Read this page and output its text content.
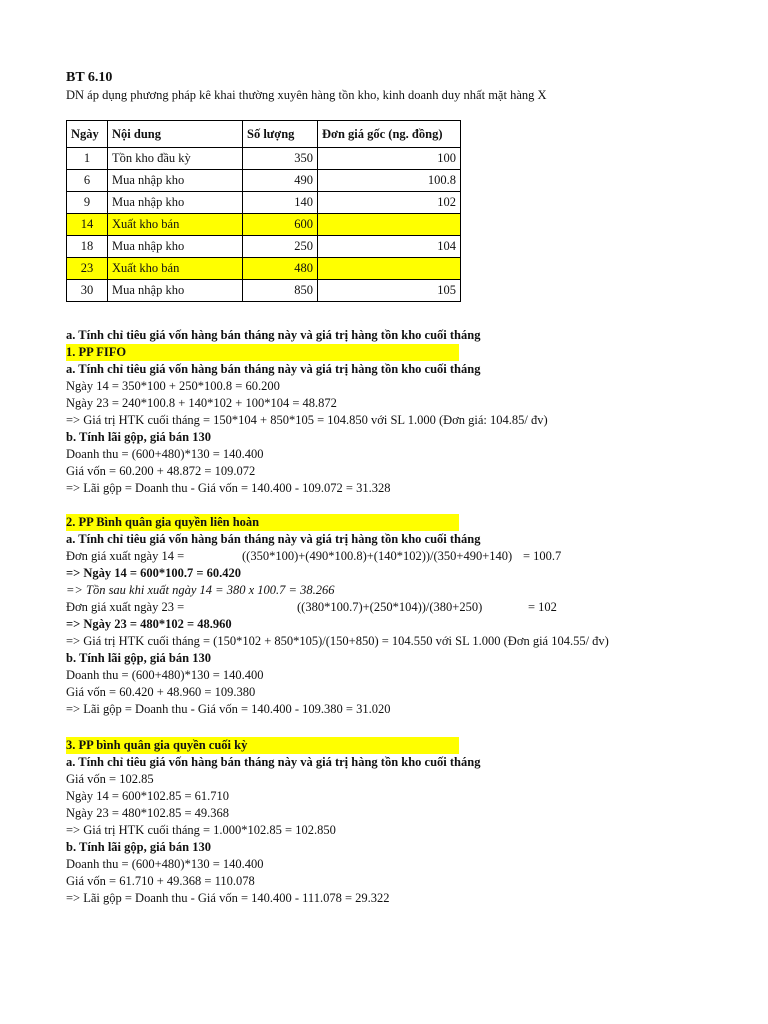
BT 6.10
DN áp dụng phương pháp kê khai thường xuyên hàng tồn kho, kinh doanh duy nhất mặt hàng X
Ngày	Nội dung	Số lượng	Đơn giá gốc (ng. đồng)
1	Tồn kho đầu kỳ	350	100
6	Mua nhập kho	490	100.8
9	Mua nhập kho	140	102
14	Xuất kho bán	600	
18	Mua nhập kho	250	104
23	Xuất kho bán	480	
30	Mua nhập kho	850	105
a. Tính chỉ tiêu giá vốn hàng bán tháng này và giá trị hàng tồn kho cuối tháng
1. PP FIFO
a. Tính chỉ tiêu giá vốn hàng bán tháng này và giá trị hàng tồn kho cuối tháng
Ngày 14 = 350*100 + 250*100.8 = 60.200
Ngày 23 = 240*100.8 + 140*102 + 100*104 = 48.872
=> Giá trị HTK cuối tháng = 150*104 + 850*105 = 104.850 với SL 1.000 (Đơn giá: 104.85/ đv)
b. Tính lãi gộp, giá bán 130
Doanh thu = (600+480)*130 = 140.400
Giá vốn = 60.200 + 48.872 = 109.072
=> Lãi gộp = Doanh thu - Giá vốn = 140.400 - 109.072 = 31.328
2. PP Bình quân gia quyền liên hoàn
a. Tính chỉ tiêu giá vốn hàng bán tháng này và giá trị hàng tồn kho cuối tháng
Đơn giá xuất ngày 14 =	((350*100)+(490*100.8)+(140*102))/(350+490+140) = 100.7
=> Ngày 14 = 600*100.7 = 60.420
=> Tồn sau khi xuất ngày 14 = 380 x 100.7 = 38.266
Đơn giá xuất ngày 23 =	((380*100.7)+(250*104))/(380+250)	= 102
=> Ngày 23 = 480*102 = 48.960
=> Giá trị HTK cuối tháng = (150*102 + 850*105)/(150+850) = 104.550 với SL 1.000 (Đơn giá 104.55/ đv)
b. Tính lãi gộp, giá bán 130
Doanh thu = (600+480)*130 = 140.400
Giá vốn = 60.420 + 48.960 = 109.380
=> Lãi gộp = Doanh thu - Giá vốn = 140.400 - 109.380 = 31.020
3. PP bình quân gia quyền cuối kỳ
a. Tính chỉ tiêu giá vốn hàng bán tháng này và giá trị hàng tồn kho cuối tháng
Giá vốn = 102.85
Ngày 14 = 600*102.85 = 61.710
Ngày 23 = 480*102.85 = 49.368
=> Giá trị HTK cuối tháng = 1.000*102.85 = 102.850
b. Tính lãi gộp, giá bán 130
Doanh thu = (600+480)*130 = 140.400
Giá vốn = 61.710 + 49.368 = 110.078
=> Lãi gộp = Doanh thu - Giá vốn = 140.400 - 111.078 = 29.322
